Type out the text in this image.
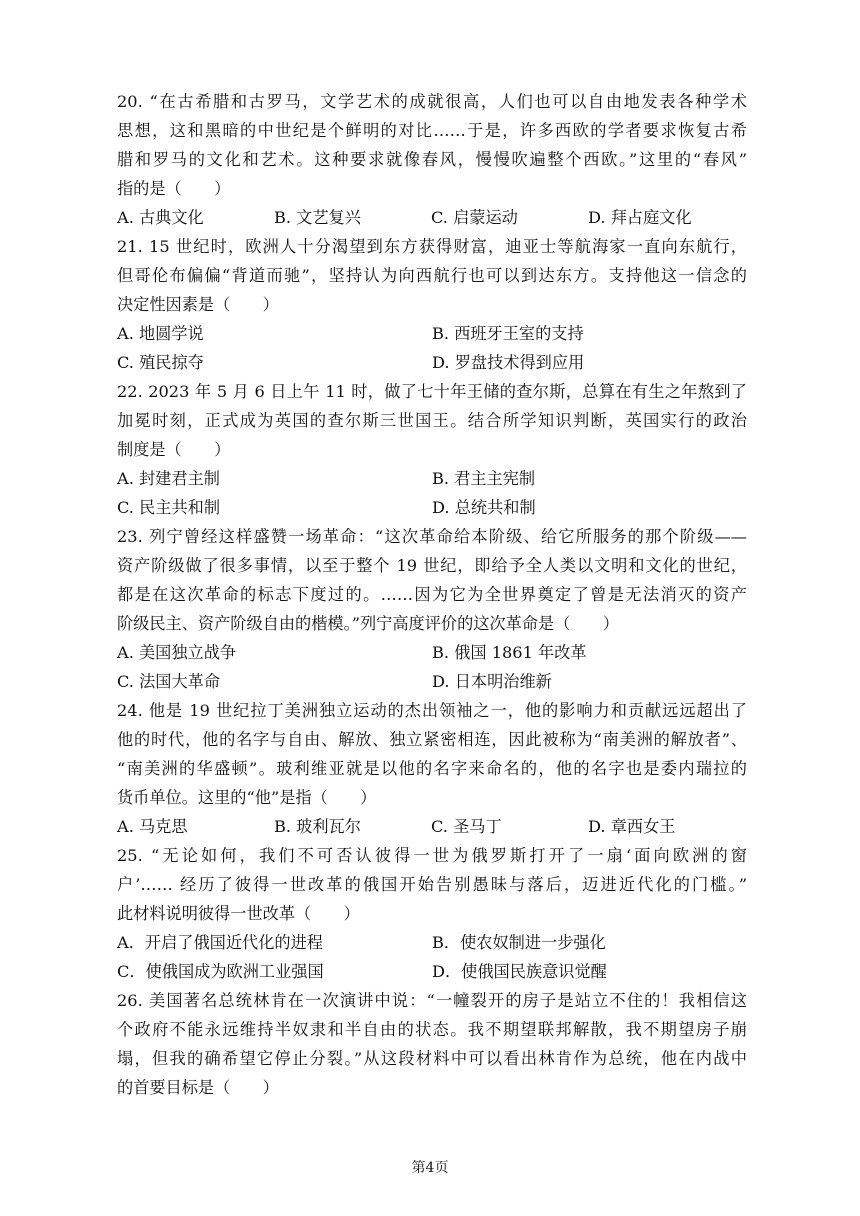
20. “在古希腊和古罗马，文学艺术的成就很高，人们也可以自由地发表各种学术
思想，这和黑暗的中世纪是个鲜明的对比……于是，许多西欧的学者要求恢复古希
腊和罗马的文化和艺术。这种要求就像春风，慢慢吹遍整个西欧。”这里的“春风”
指的是（　　）
A. 古典文化	B. 文艺复兴	C. 启蒙运动	D. 拜占庭文化
21. 15 世纪时，欧洲人十分渴望到东方获得财富，迪亚士等航海家一直向东航行，
但哥伦布偏偏“背道而驰”，坚持认为向西航行也可以到达东方。支持他这一信念的
决定性因素是（　　）
A. 地圆学说	B. 西班牙王室的支持
C. 殖民掠夺	D. 罗盘技术得到应用
22. 2023 年 5 月 6 日上午 11 时，做了七十年王储的查尔斯，总算在有生之年熬到了
加冕时刻，正式成为英国的查尔斯三世国王。结合所学知识判断，英国实行的政治
制度是（　　）
A. 封建君主制	B. 君主主宪制
C. 民主共和制	D. 总统共和制
23. 列宁曾经这样盛赞一场革命：“这次革命给本阶级、给它所服务的那个阶级——
资产阶级做了很多事情，以至于整个 19 世纪，即给予全人类以文明和文化的世纪，
都是在这次革命的标志下度过的。……因为它为全世界奠定了曾是无法消灭的资产
阶级民主、资产阶级自由的楷模。”列宁高度评价的这次革命是（　　）
A. 美国独立战争	B. 俄国 1861 年改革
C. 法国大革命	D. 日本明治维新
24. 他是 19 世纪拉丁美洲独立运动的杰出领袖之一，他的影响力和贡献远远超出了
他的时代，他的名字与自由、解放、独立紧密相连，因此被称为“南美洲的解放者”、
“南美洲的华盛顿”。玻利维亚就是以他的名字来命名的，他的名字也是委内瑞拉的
货币单位。这里的“他”是指（　　）
A. 马克思	B. 玻利瓦尔	C. 圣马丁	D. 章西女王
25. “无论如何，我们不可否认彼得一世为俄罗斯打开了一扇‘面向欧洲的窗
户’…… 经历了彼得一世改革的俄国开始告别愚昧与落后，迈进近代化的门槛。”
此材料说明彼得一世改革（　　）
A．开启了俄国近代化的进程	B．使农奴制进一步强化
C．使俄国成为欧洲工业强国	D．使俄国民族意识觉醒
26. 美国著名总统林肯在一次演讲中说：“一幢裂开的房子是站立不住的！我相信这
个政府不能永远维持半奴隶和半自由的状态。我不期望联邦解散，我不期望房子崩
塌，但我的确希望它停止分裂。”从这段材料中可以看出林肯作为总统，他在内战中
的首要目标是（　　）
第4页
